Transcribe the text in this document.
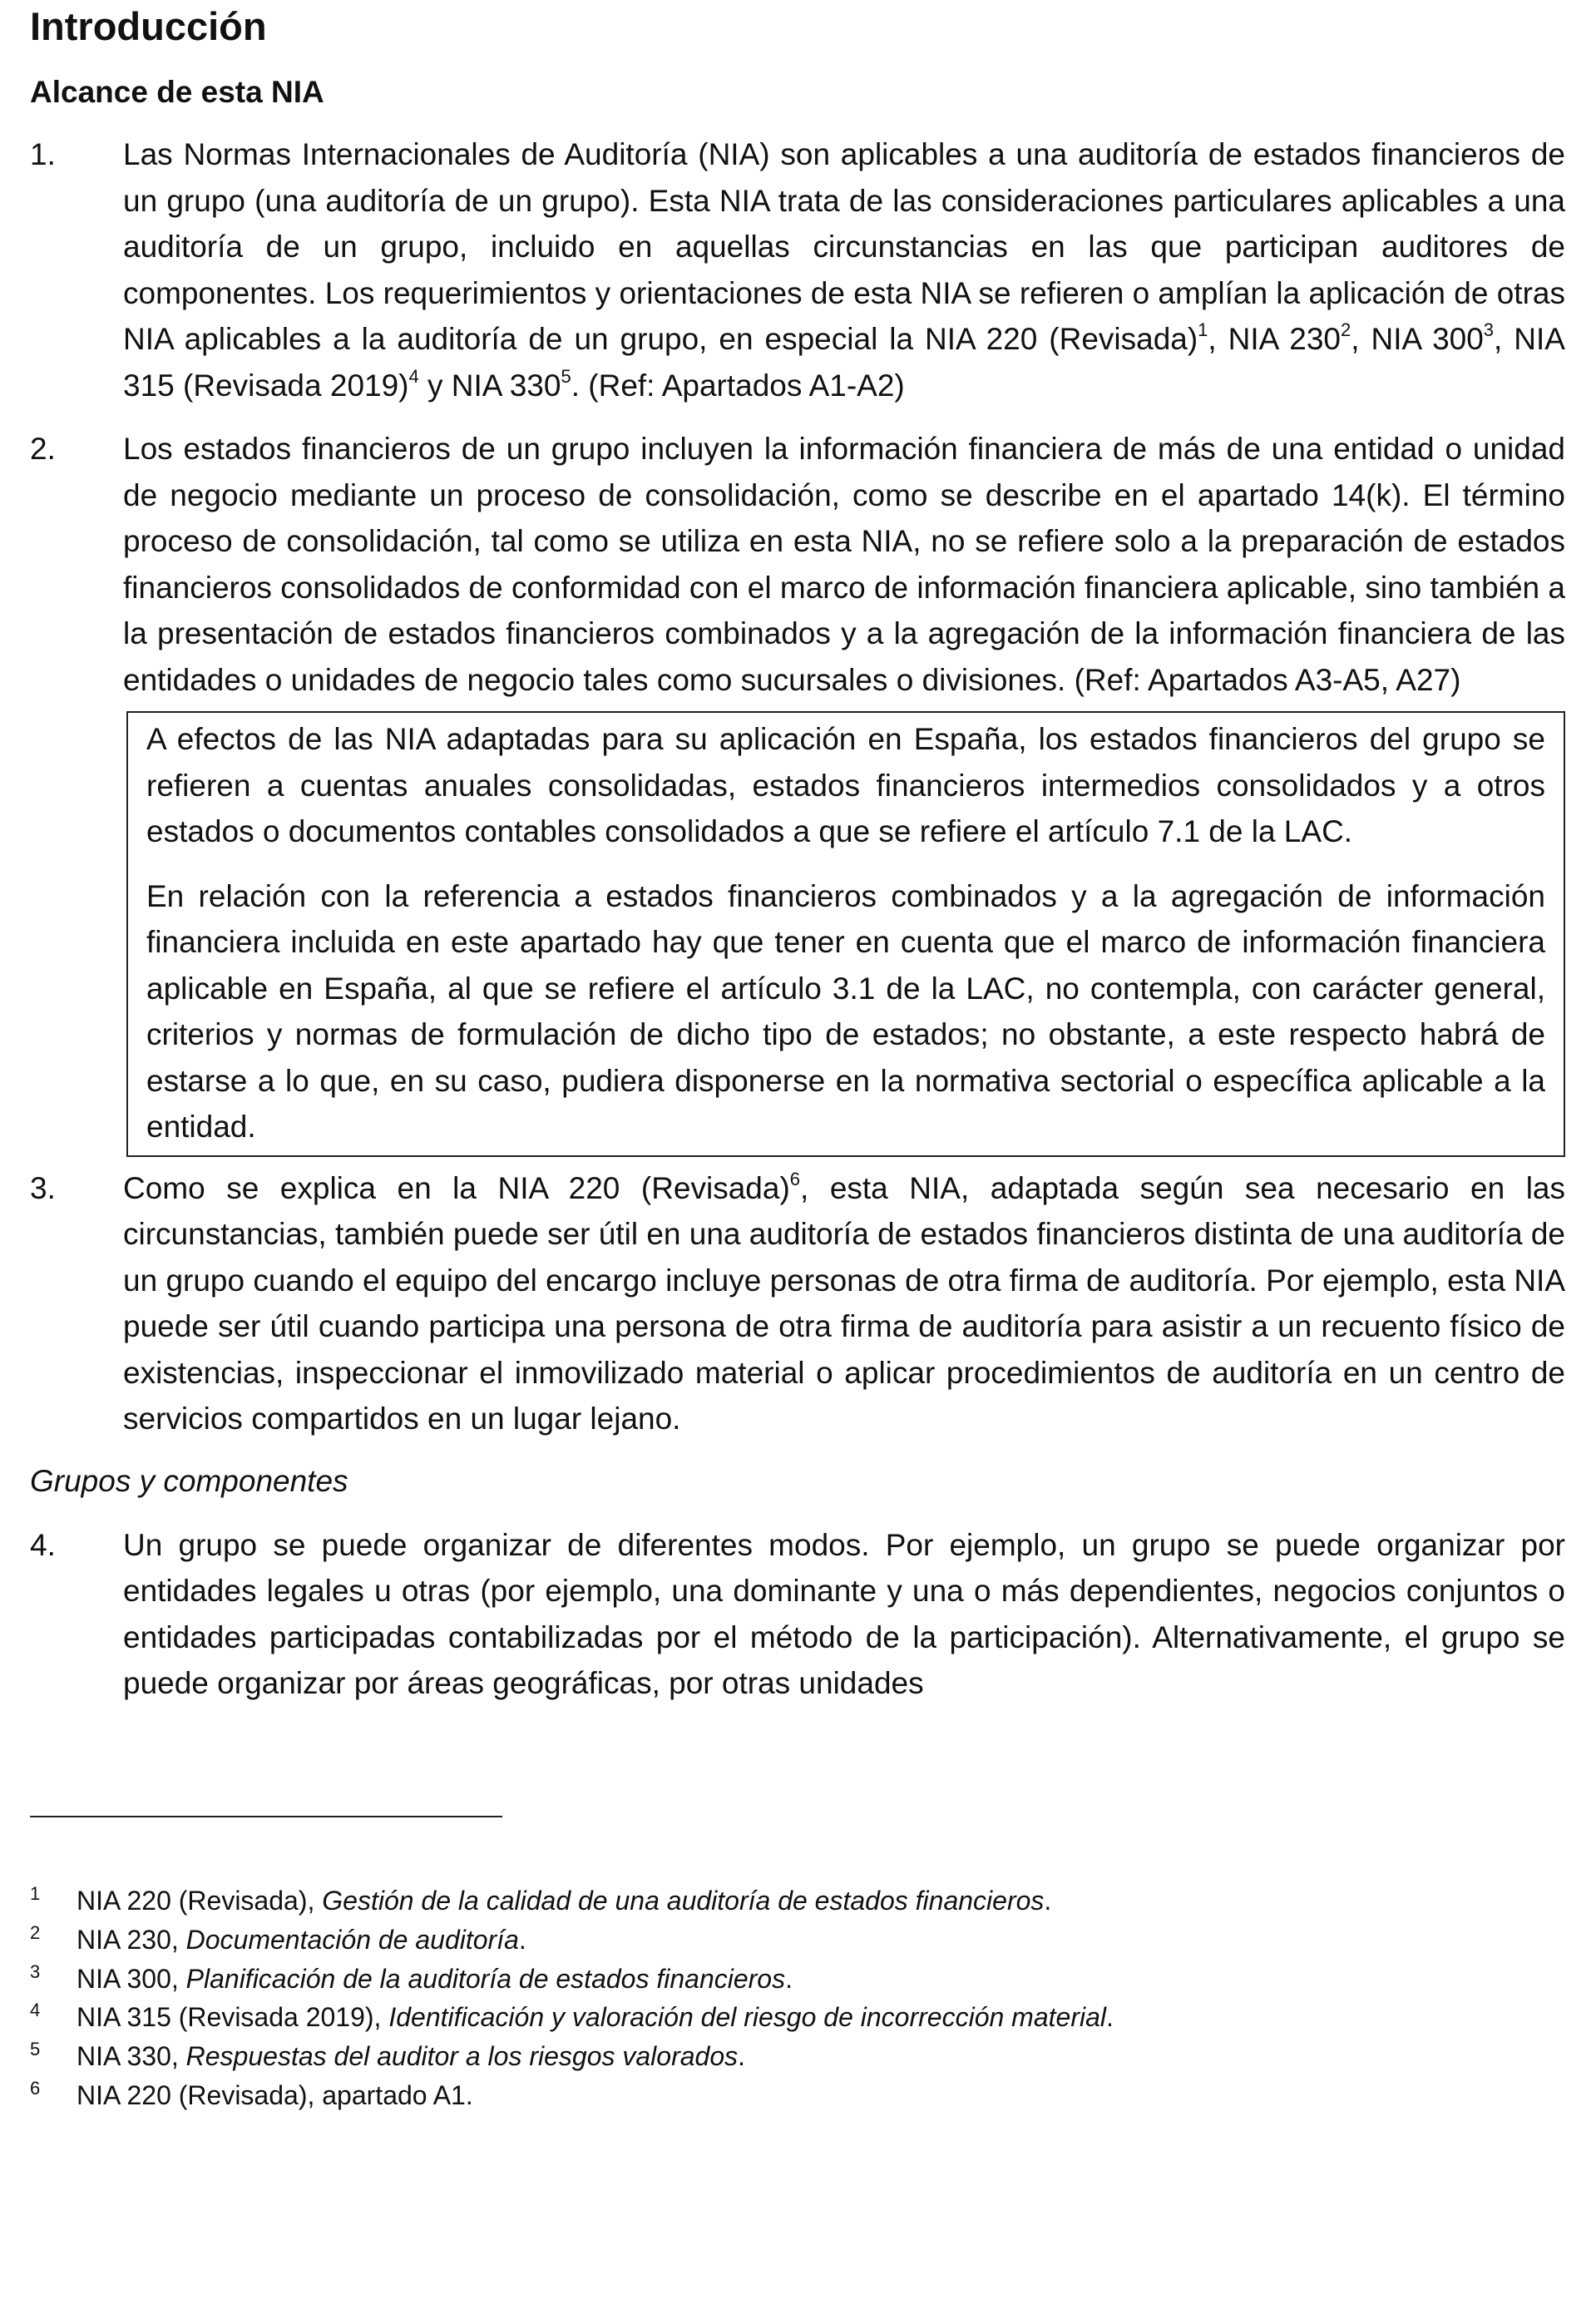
Introducción
Alcance de esta NIA
1.	Las Normas Internacionales de Auditoría (NIA) son aplicables a una auditoría de estados financieros de un grupo (una auditoría de un grupo). Esta NIA trata de las consideraciones particulares aplicables a una auditoría de un grupo, incluido en aquellas circunstancias en las que participan auditores de componentes. Los requerimientos y orientaciones de esta NIA se refieren o amplían la aplicación de otras NIA aplicables a la auditoría de un grupo, en especial la NIA 220 (Revisada)$^1$, NIA $230^2$, NIA $300^3$, NIA 315 (Revisada 2019)$^4$ y NIA $330^5$. (Ref: Apartados A1-A2)
2.	Los estados financieros de un grupo incluyen la información financiera de más de una entidad o unidad de negocio mediante un proceso de consolidación, como se describe en el apartado 14(k). El término proceso de consolidación, tal como se utiliza en esta NIA, no se refiere solo a la preparación de estados financieros consolidados de conformidad con el marco de información financiera aplicable, sino también a la presentación de estados financieros combinados y a la agregación de la información financiera de las entidades o unidades de negocio tales como sucursales o divisiones. (Ref: Apartados A3-A5, A27)

A efectos de las NIA adaptadas para su aplicación en España, los estados financieros del grupo se refieren a cuentas anuales consolidadas, estados financieros intermedios consolidados y a otros estados o documentos contables consolidados a que se refiere el artículo 7.1 de la LAC.

En relación con la referencia a estados financieros combinados y a la agregación de información financiera incluida en este apartado hay que tener en cuenta que el marco de información financiera aplicable en España, al que se refiere el artículo 3.1 de la LAC, no contempla, con carácter general, criterios y normas de formulación de dicho tipo de estados; no obstante, a este respecto habrá de estarse a lo que, en su caso, pudiera disponerse en la normativa sectorial o específica aplicable a la entidad.

3.	Como se explica en la NIA 220 (Revisada)$^6$, esta NIA, adaptada según sea necesario en las circunstancias, también puede ser útil en una auditoría de estados financieros distinta de una auditoría de un grupo cuando el equipo del encargo incluye personas de otra firma de auditoría. Por ejemplo, esta NIA puede ser útil cuando participa una persona de otra firma de auditoría para asistir a un recuento físico de existencias, inspeccionar el inmovilizado material o aplicar procedimientos de auditoría en un centro de servicios compartidos en un lugar lejano.
Grupos y componentes
4.	Un grupo se puede organizar de diferentes modos. Por ejemplo, un grupo se puede organizar por entidades legales u otras (por ejemplo, una dominante y una o más dependientes, negocios conjuntos o entidades participadas contabilizadas por el método de la participación). Alternativamente, el grupo se puede organizar por áreas geográficas, por otras unidades
1	NIA 220 (Revisada), Gestión de la calidad de una auditoría de estados financieros.
2	NIA 230, Documentación de auditoría.
3	NIA 300, Planificación de la auditoría de estados financieros.
4	NIA 315 (Revisada 2019), Identificación y valoración del riesgo de incorrección material.
5	NIA 330, Respuestas del auditor a los riesgos valorados.
6	NIA 220 (Revisada), apartado A1.
